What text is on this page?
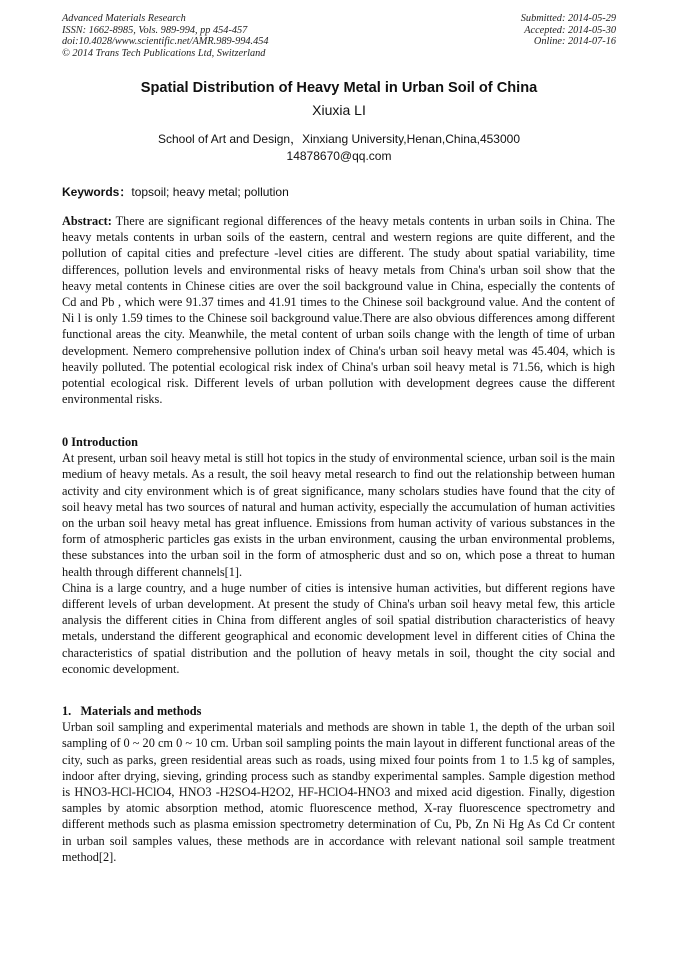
Advanced Materials Research
ISSN: 1662-8985, Vols. 989-994, pp 454-457
doi:10.4028/www.scientific.net/AMR.989-994.454
© 2014 Trans Tech Publications Ltd, Switzerland
Submitted: 2014-05-29
Accepted: 2014-05-30
Online: 2014-07-16
Spatial Distribution of Heavy Metal in Urban Soil of China
Xiuxia LI
School of Art and Design，Xinxiang University,Henan,China,453000
14878670@qq.com
Keywords：topsoil; heavy metal; pollution

Abstract: There are significant regional differences of the heavy metals contents in urban soils in China. The heavy metals contents in urban soils of the eastern, central and western regions are quite different, and the pollution of capital cities and prefecture -level cities are different. The study about spatial variability, time differences, pollution levels and environmental risks of heavy metals from China's urban soil show that the heavy metal contents in Chinese cities are over the soil background value in China, especially the contents of Cd and Pb , which were 91.37 times and 41.91 times to the Chinese soil background value. And the content of Ni l is only 1.59 times to the Chinese soil background value.There are also obvious differences among different functional areas the city. Meanwhile, the metal content of urban soils change with the length of time of urban development. Nemero comprehensive pollution index of China's urban soil heavy metal was 45.404, which is heavily polluted. The potential ecological risk index of China's urban soil heavy metal is 71.56, which is high potential ecological risk. Different levels of urban pollution with development degrees cause the different environmental risks.

0 Introduction

At present, urban soil heavy metal is still hot topics in the study of environmental science, urban soil is the main medium of heavy metals. As a result, the soil heavy metal research to find out the relationship between human activity and city environment which is of great significance, many scholars studies have found that the city of soil heavy metal has two sources of natural and human activity, especially the accumulation of human activities on the urban soil heavy metal has great influence. Emissions from human activity of various substances in the form of atmospheric particles gas exists in the urban environment, causing the urban environmental problems, these substances into the urban soil in the form of atmospheric dust and so on, which pose a threat to human health through different channels[1].

China is a large country, and a huge number of cities is intensive human activities, but different regions have different levels of urban development. At present the study of China's urban soil heavy metal few, this article analysis the different cities in China from different angles of soil spatial distribution characteristics of heavy metals, understand the different geographical and economic development level in different cities of China the characteristics of spatial distribution and the pollution of heavy metals in soil, thought the city social and economic development.

1.   Materials and methods

Urban soil sampling and experimental materials and methods are shown in table 1, the depth of the urban soil sampling of 0 ~ 20 cm 0 ~ 10 cm. Urban soil sampling points the main layout in different functional areas of the city, such as parks, green residential areas such as roads, using mixed four points from 1 to 1.5 kg of samples, indoor after drying, sieving, grinding process such as standby experimental samples. Sample digestion method is HNO3-HCl-HClO4, HNO3 -H2SO4-H2O2, HF-HClO4-HNO3 and mixed acid digestion. Finally, digestion samples by atomic absorption method, atomic fluorescence method, X-ray fluorescence spectrometry and different methods such as plasma emission spectrometry determination of Cu, Pb, Zn Ni Hg As Cd Cr content in urban soil samples values, these methods are in accordance with relevant national soil sample treatment method[2].
